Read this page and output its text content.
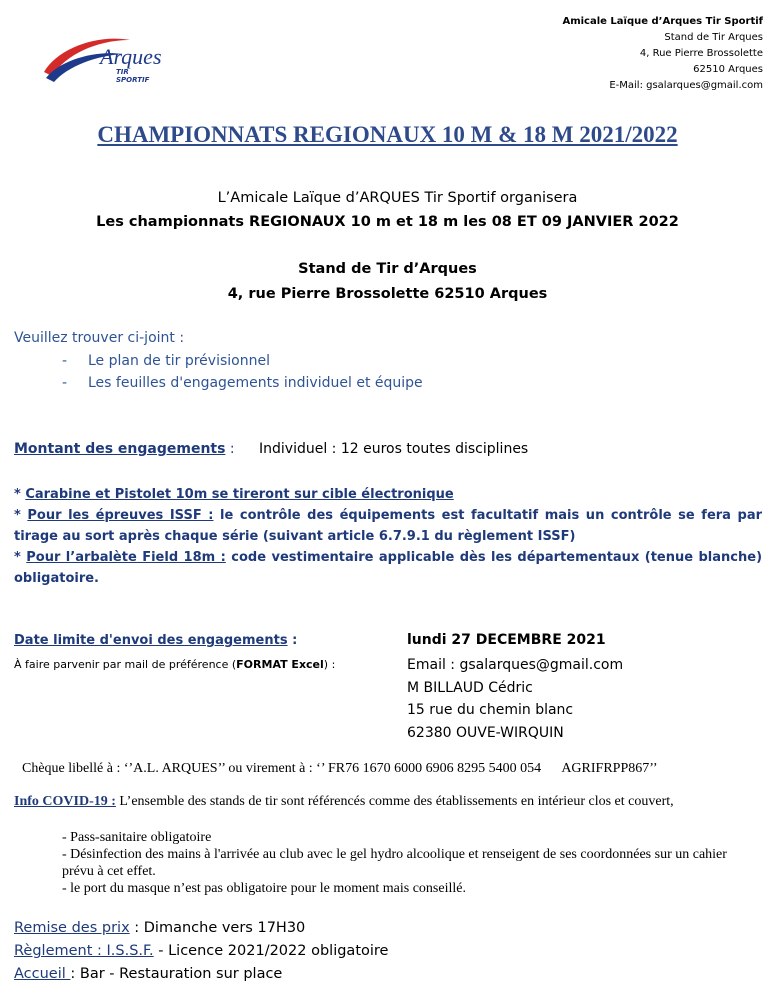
Arques
TIR
SPORTIF
Amicale Laïque d’Arques Tir Sportif
Stand de Tir Arques
4, Rue Pierre Brossolette
62510 Arques
E-Mail: gsalarques@gmail.com
CHAMPIONNATS REGIONAUX 10 M & 18 M 2021/2022
L’Amicale Laïque d’ARQUES Tir Sportif organisera
Les championnats REGIONAUX 10 m et 18 m les 08 ET 09 JANVIER 2022
Stand de Tir d’Arques
4, rue Pierre Brossolette 62510 Arques
Veuillez trouver ci-joint :
- Le plan de tir prévisionnel
- Les feuilles d'engagements individuel et équipe
Montant des engagements : Individuel : 12 euros toutes disciplines
* Carabine et Pistolet 10m se tireront sur cible électronique
* Pour les épreuves ISSF : le contrôle des équipements est facultatif mais un contrôle se fera par tirage au sort après chaque série (suivant article 6.7.9.1 du règlement ISSF)
* Pour l’arbalète Field 18m : code vestimentaire applicable dès les départementaux (tenue blanche) obligatoire.
Date limite d'envoi des engagements :	lundi 27 DECEMBRE 2021
À faire parvenir par mail de préférence (FORMAT Excel) :	Email : gsalarques@gmail.com
M BILLAUD Cédric
15 rue du chemin blanc
62380 OUVE-WIRQUIN
Chèque libellé à : ‘’A.L. ARQUES’’ ou virement à : ‘’ FR76 1670 6000 6906 8295 5400 054      AGRIFRPP867’’
Info COVID-19 : L’ensemble des stands de tir sont référencés comme des établissements en intérieur clos et couvert,
- Pass-sanitaire obligatoire
- Désinfection des mains à l'arrivée au club avec le gel hydro alcoolique et renseigent de ses coordonnées sur un cahier prévu à cet effet.
- le port du masque n’est pas obligatoire pour le moment mais conseillé.
Remise des prix : Dimanche vers 17H30
Règlement : I.S.S.F. - Licence 2021/2022 obligatoire
Accueil : Bar - Restauration sur place
